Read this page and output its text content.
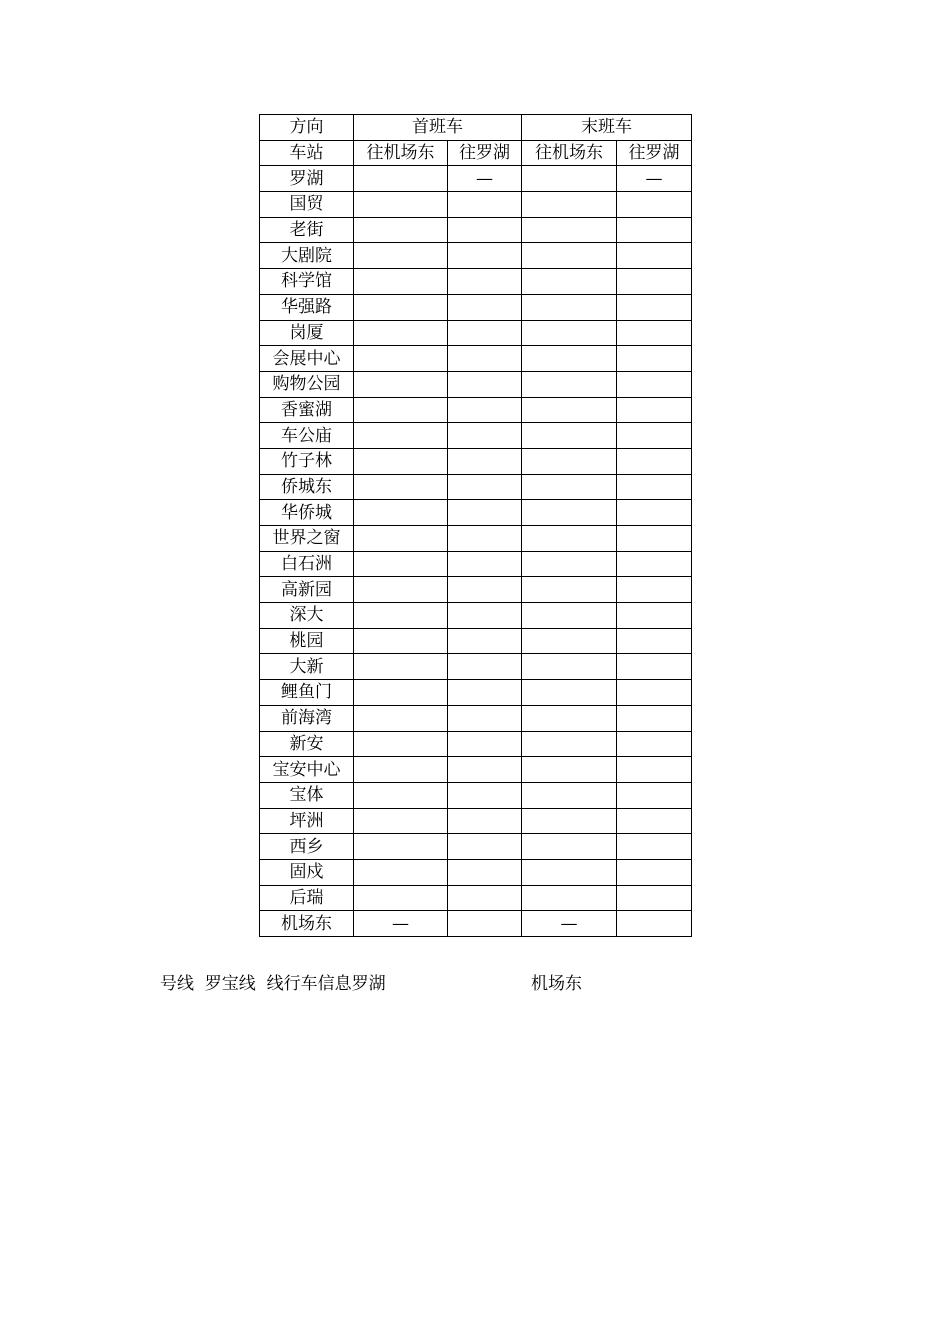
方向	首班车		末班车	
车站	往机场东	往罗湖	往机场东	往罗湖
罗湖		—		—
国贸				
老街				
大剧院				
科学馆				
华强路				
岗厦				
会展中心				
购物公园				
香蜜湖				
车公庙				
竹子林				
侨城东				
华侨城				
世界之窗				
白石洲				
高新园				
深大				
桃园				
大新				
鲤鱼门				
前海湾				
新安				
宝安中心				
宝体				
坪洲				
西乡				
固戍				
后瑞				
机场东	—		—	
号线  罗宝线  线行车信息罗湖	机场东
